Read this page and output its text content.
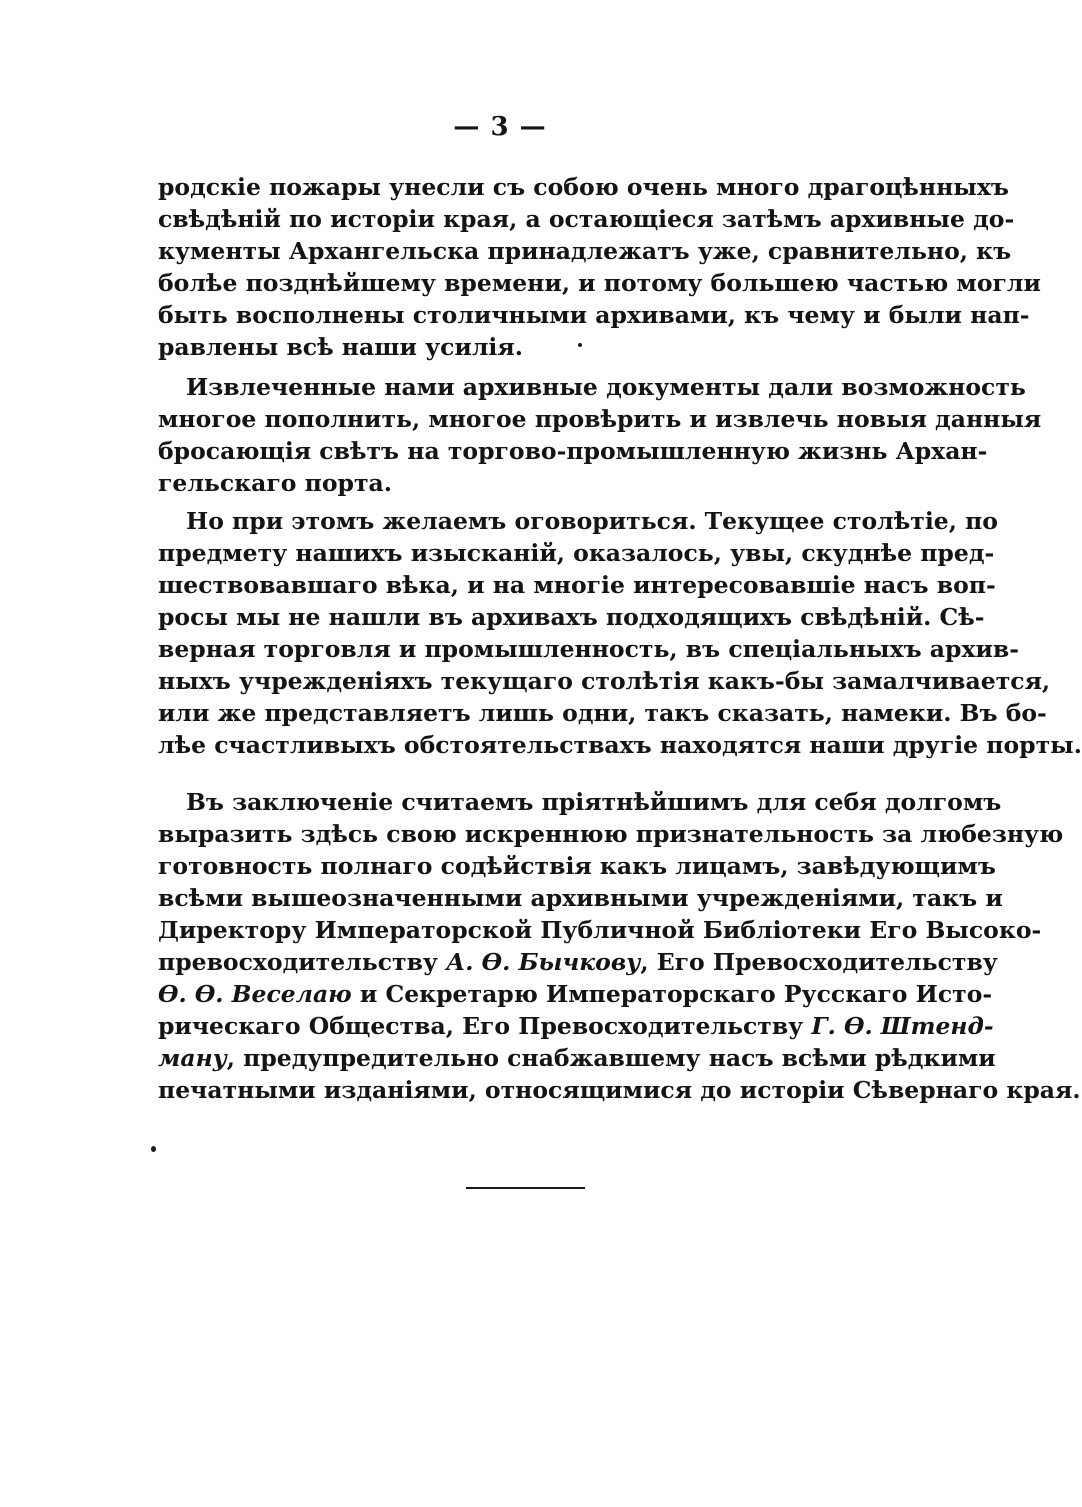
— 3 —
родскіе пожары унесли съ собою очень много драгоцѣнныхъ
свѣдѣній по исторіи края, а остающіеся затѣмъ архивные до-
кументы Архангельска принадлежатъ уже, сравнительно, къ
болѣе позднѣйшему времени, и потому большею частью могли
быть восполнены столичными архивами, къ чему и были нап-
равлены всѣ наши усилія.
Извлеченные нами архивные документы дали возможность
многое пополнить, многое провѣрить и извлечь новыя данныя
бросающія свѣтъ на торгово-промышленную жизнь Архан-
гельскаго порта.
Но при этомъ желаемъ оговориться. Текущее столѣтіе, по
предмету нашихъ изысканій, оказалось, увы, скуднѣе пред-
шествовавшаго вѣка, и на многіе интересовавшіе насъ воп-
росы мы не нашли въ архивахъ подходящихъ свѣдѣній. Сѣ-
верная торговля и промышленность, въ спеціальныхъ архив-
ныхъ учрежденіяхъ текущаго столѣтія какъ-бы замалчивается,
или же представляетъ лишь одни, такъ сказать, намеки. Въ бо-
лѣе счастливыхъ обстоятельствахъ находятся наши другіе порты.
Въ заключеніе считаемъ пріятнѣйшимъ для себя долгомъ
выразить здѣсь свою искреннюю признательность за любезную
готовность полнаго содѣйствія какъ лицамъ, завѣдующимъ
всѣми вышеозначенными архивными учрежденіями, такъ и
Директору Императорской Публичной Библіотеки Его Высоко-
превосходительству А. Ѳ. Бычкову, Его Превосходительству
Ѳ. Ѳ. Веселаю и Секретарю Императорскаго Русскаго Исто-
рическаго Общества, Его Превосходительству Г. Ѳ. Штенд-
ману, предупредительно снабжавшему насъ всѣми рѣдкими
печатными изданіями, относящимися до исторіи Сѣвернаго края.
